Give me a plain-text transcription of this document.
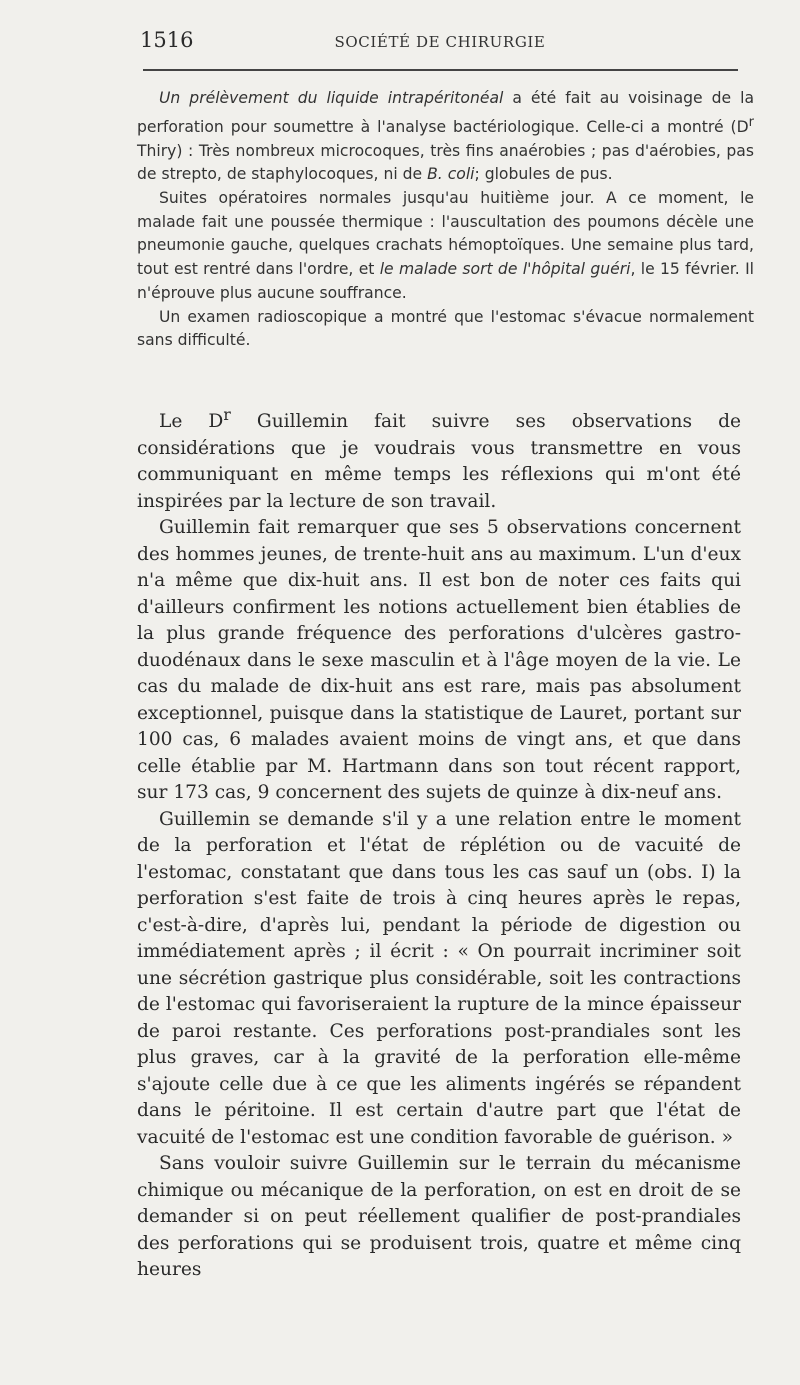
1516	SOCIÉTÉ DE CHIRURGIE

Un prélèvement du liquide intrapéritonéal a été fait au voisinage de la perforation pour soumettre à l'analyse bactériologique. Celle-ci a montré ($D^r$ Thiry) : Très nombreux microcoques, très fins anaérobies ; pas d'aérobies, pas de strepto, de staphylocoques, ni de B. coli; globules de pus.

Suites opératoires normales jusqu'au huitième jour. A ce moment, le malade fait une poussée thermique : l'auscultation des poumons décèle une pneumonie gauche, quelques crachats hémoptoïques. Une semaine plus tard, tout est rentré dans l'ordre, et le malade sort de l'hôpital guéri, le 15 février. Il n'éprouve plus aucune souffrance.

Un examen radioscopique a montré que l'estomac s'évacue normalement sans difficulté.

Le $D^r$ Guillemin fait suivre ses observations de considérations que je voudrais vous transmettre en vous communiquant en même temps les réflexions qui m'ont été inspirées par la lecture de son travail.

Guillemin fait remarquer que ses 5 observations concernent des hommes jeunes, de trente-huit ans au maximum. L'un d'eux n'a même que dix-huit ans. Il est bon de noter ces faits qui d'ailleurs confirment les notions actuellement bien établies de la plus grande fréquence des perforations d'ulcères gastro-duodénaux dans le sexe masculin et à l'âge moyen de la vie. Le cas du malade de dix-huit ans est rare, mais pas absolument exceptionnel, puisque dans la statistique de Lauret, portant sur 100 cas, 6 malades avaient moins de vingt ans, et que dans celle établie par M. Hartmann dans son tout récent rapport, sur 173 cas, 9 concernent des sujets de quinze à dix-neuf ans.

Guillemin se demande s'il y a une relation entre le moment de la perforation et l'état de réplétion ou de vacuité de l'estomac, constatant que dans tous les cas sauf un (obs. I) la perforation s'est faite de trois à cinq heures après le repas, c'est-à-dire, d'après lui, pendant la période de digestion ou immédiatement après ; il écrit : « On pourrait incriminer soit une sécrétion gastrique plus considérable, soit les contractions de l'estomac qui favoriseraient la rupture de la mince épaisseur de paroi restante. Ces perforations post-prandiales sont les plus graves, car à la gravité de la perforation elle-même s'ajoute celle due à ce que les aliments ingérés se répandent dans le péritoine. Il est certain d'autre part que l'état de vacuité de l'estomac est une condition favorable de guérison. »

Sans vouloir suivre Guillemin sur le terrain du mécanisme chimique ou mécanique de la perforation, on est en droit de se demander si on peut réellement qualifier de post-prandiales des perforations qui se produisent trois, quatre et même cinq heures
